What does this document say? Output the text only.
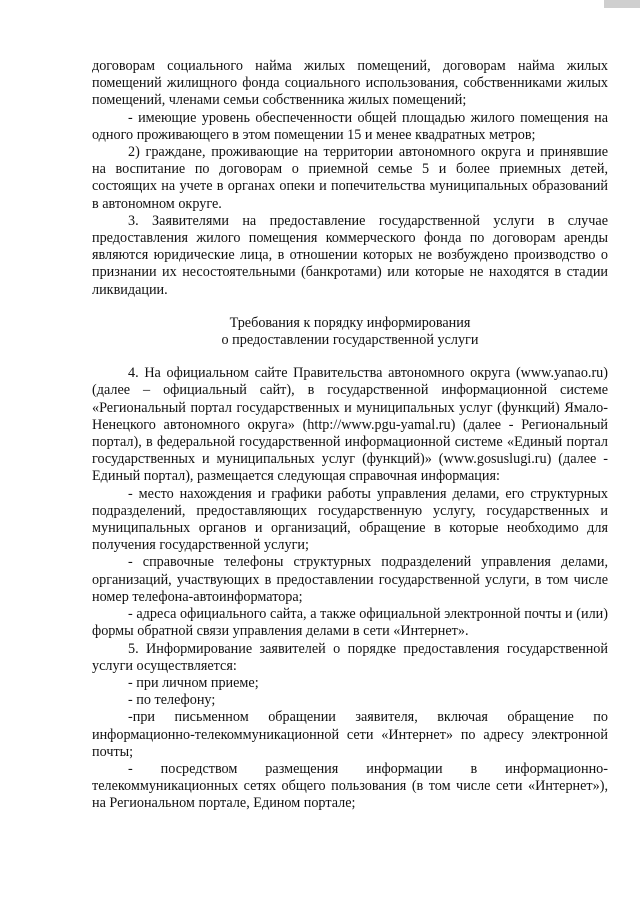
договорам социального найма жилых помещений, договорам найма жилых помещений жилищного фонда социального использования, собственниками жилых помещений, членами семьи собственника жилых помещений;

- имеющие уровень обеспеченности общей площадью жилого помещения на одного проживающего в этом помещении 15 и менее квадратных метров;

2) граждане, проживающие на территории автономного округа и принявшие на воспитание по договорам о приемной семье 5 и более приемных детей, состоящих на учете в органах опеки и попечительства муниципальных образований в автономном округе.

3. Заявителями на предоставление государственной услуги в случае предоставления жилого помещения коммерческого фонда по договорам аренды являются юридические лица, в отношении которых не возбуждено производство о признании их несостоятельными (банкротами) или которые не находятся в стадии ликвидации.

Требования к порядку информирования

о предоставлении государственной услуги

4. На официальном сайте Правительства автономного округа (www.yanao.ru) (далее – официальный сайт), в государственной информационной системе «Региональный портал государственных и муниципальных услуг (функций) Ямало-Ненецкого автономного округа» (http://www.pgu-yamal.ru) (далее - Региональный портал), в федеральной государственной информационной системе «Единый портал государственных и муниципальных услуг (функций)» (www.gosuslugi.ru) (далее - Единый портал), размещается следующая справочная информация:

- место нахождения и графики работы управления делами, его структурных подразделений, предоставляющих государственную услугу, государственных и муниципальных органов и организаций, обращение в которые необходимо для получения государственной услуги;

- справочные телефоны структурных подразделений управления делами, организаций, участвующих в предоставлении государственной услуги, в том числе номер телефона-автоинформатора;

- адреса официального сайта, а также официальной электронной почты и (или) формы обратной связи управления делами в сети «Интернет».

5. Информирование заявителей о порядке предоставления государственной услуги осуществляется:

- при личном приеме;

- по телефону;

-при письменном обращении заявителя, включая обращение по информационно-телекоммуникационной сети «Интернет» по адресу электронной почты;

- посредством размещения информации в информационно-телекоммуникационных сетях общего пользования (в том числе сети «Интернет»), на Региональном портале, Едином портале;
